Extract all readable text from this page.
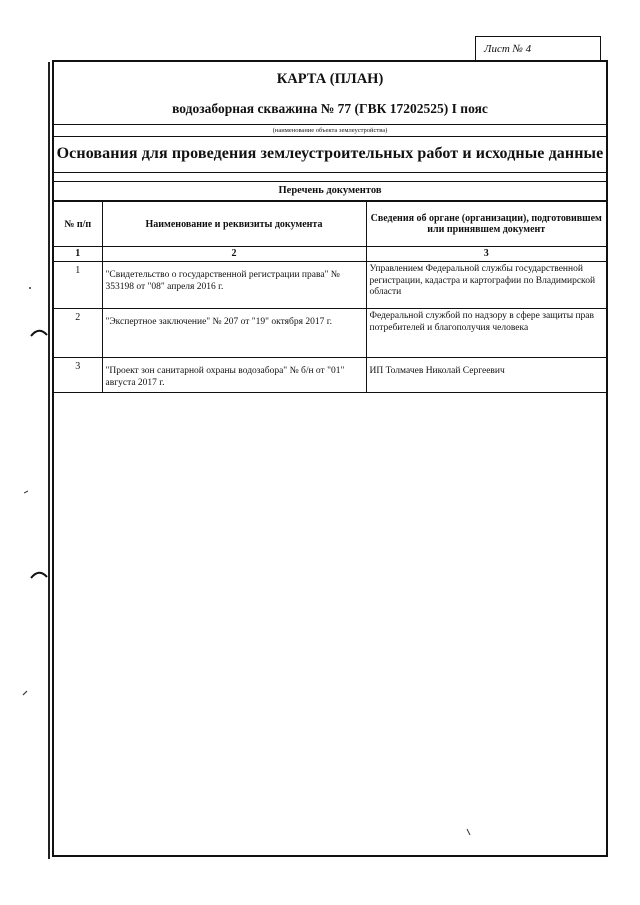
Лист № 4
КАРТА (ПЛАН)
водозаборная скважина № 77 (ГВК 17202525) I пояс
(наименование объекта землеустройства)
Основания для проведения землеустроительных работ и исходные данные
Перечень документов
№ п/п	Наименование и реквизиты документа	Сведения об органе (организации), подготовившем или принявшем документ
1	2	3
1	"Свидетельство о государственной регистрации права" № 353198 от "08" апреля 2016 г.	Управлением Федеральной службы государственной регистрации, кадастра и картографии по Владимирской области
2	"Экспертное заключение" № 207 от "19" октября 2017 г.	Федеральной службой по надзору в сфере защиты прав потребителей и благополучия человека
3	"Проект зон санитарной охраны водозабора" № б/н от "01" августа 2017 г.	ИП Толмачев Николай Сергеевич
